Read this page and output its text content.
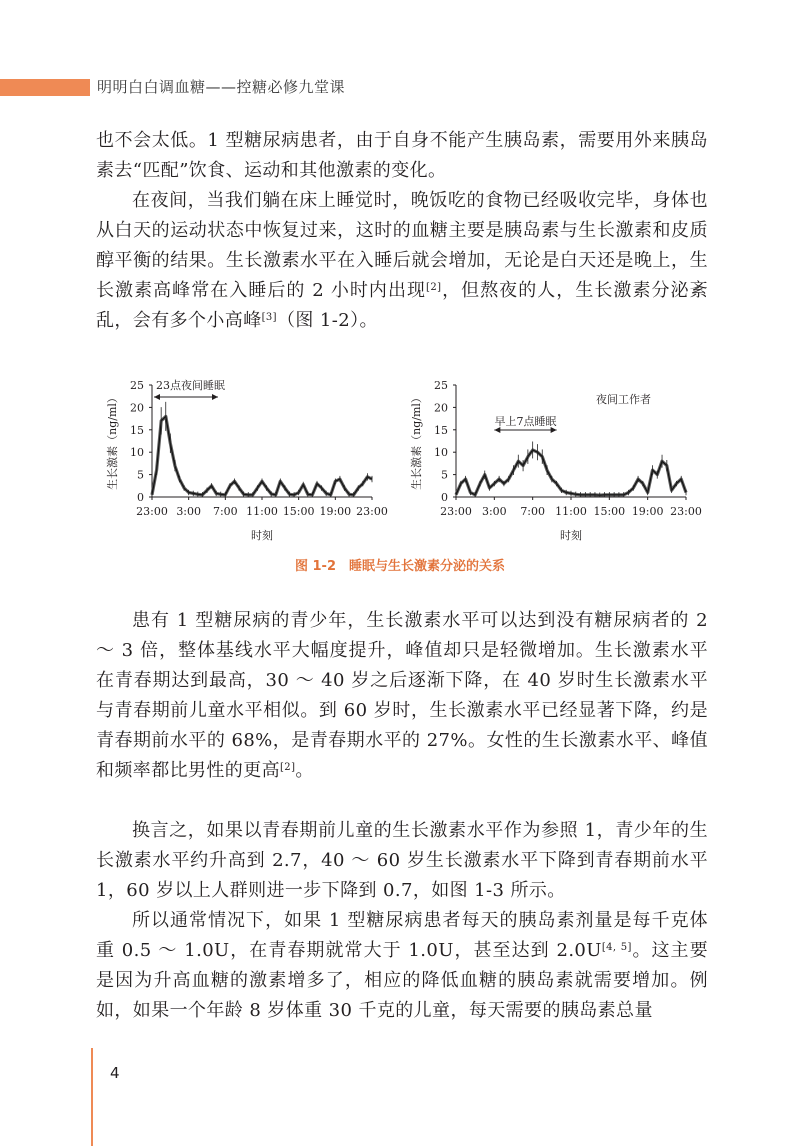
明明白白调血糖——控糖必修九堂课

也不会太低。1 型糖尿病患者，由于自身不能产生胰岛素，需要用外来胰岛素去“匹配”饮食、运动和其他激素的变化。

在夜间，当我们躺在床上睡觉时，晚饭吃的食物已经吸收完毕，身体也从白天的运动状态中恢复过来，这时的血糖主要是胰岛素与生长激素和皮质醇平衡的结果。生长激素水平在入睡后就会增加，无论是白天还是晚上，生长激素高峰常在入睡后的 2 小时内出现[2]，但熬夜的人，生长激素分泌紊乱，会有多个小高峰[3]（图 1-2）。

0
5
10
15
20
25
23:00 3:00 7:00 11:00 15:00 19:00 23:00
时刻
生长激素（ng/ml）
23点夜间睡眠
0
5
10
15
20
25
23:00 3:00 7:00 11:00 15:00 19:00 23:00
时刻
生长激素（ng/ml）	夜间工作者
早上7点睡眠
图 1-2　睡眠与生长激素分泌的关系

患有 1 型糖尿病的青少年，生长激素水平可以达到没有糖尿病者的 2 ～ 3 倍，整体基线水平大幅度提升，峰值却只是轻微增加。生长激素水平在青春期达到最高，30 ～ 40 岁之后逐渐下降，在 40 岁时生长激素水平与青春期前儿童水平相似。到 60 岁时，生长激素水平已经显著下降，约是青春期前水平的 68%，是青春期水平的 27%。女性的生长激素水平、峰值和频率都比男性的更高[2]。

换言之，如果以青春期前儿童的生长激素水平作为参照 1，青少年的生长激素水平约升高到 2.7，40 ～ 60 岁生长激素水平下降到青春期前水平 1，60 岁以上人群则进一步下降到 0.7，如图 1-3 所示。

所以通常情况下，如果 1 型糖尿病患者每天的胰岛素剂量是每千克体重 0.5 ～ 1.0U，在青春期就常大于 1.0U，甚至达到 2.0U[4, 5]。这主要是因为升高血糖的激素增多了，相应的降低血糖的胰岛素就需要增加。例如，如果一个年龄 8 岁体重 30 千克的儿童，每天需要的胰岛素总量

4
